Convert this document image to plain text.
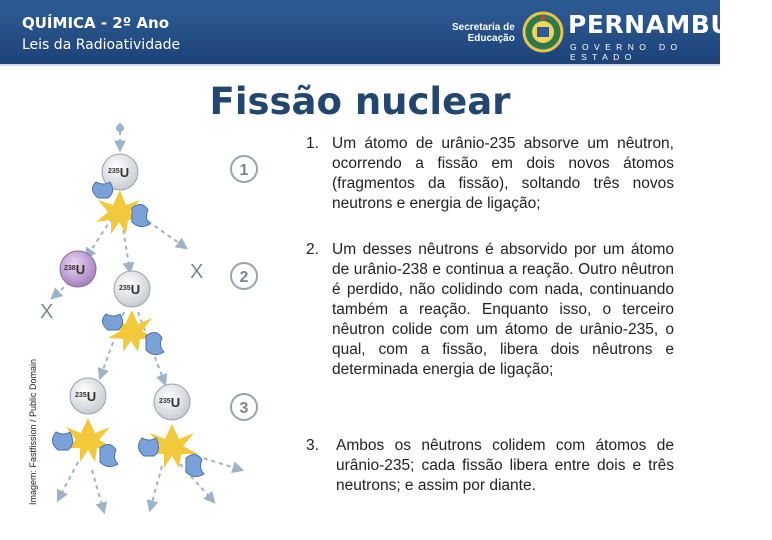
QUÍMICA - 2º Ano
Leis da Radioatividade
Secretaria de
Educação PERNAMBUCO
GOVERNO DO ESTADO
Fissão nuclear
Imagem: Fastfission / Public Domain
$^{235}$U
$^{238}$U
$^{235}$U
X
X
$^{235}$U	$^{235}$U
1
2
3
1. Um átomo de urânio-235 absorve um nêutron, ocorrendo a fissão em dois novos átomos (fragmentos da fissão), soltando três novos neutrons e energia de ligação;
2. Um desses nêutrons é absorvido por um átomo de urânio-238 e continua a reação. Outro nêutron é perdido, não colidindo com nada, continuando também a reação. Enquanto isso, o terceiro nêutron colide com um átomo de urânio-235, o qual, com a fissão, libera dois nêutrons e determinada energia de ligação;
3. Ambos os nêutrons colidem com átomos de urânio-235; cada fissão libera entre dois e três neutrons; e assim por diante.
